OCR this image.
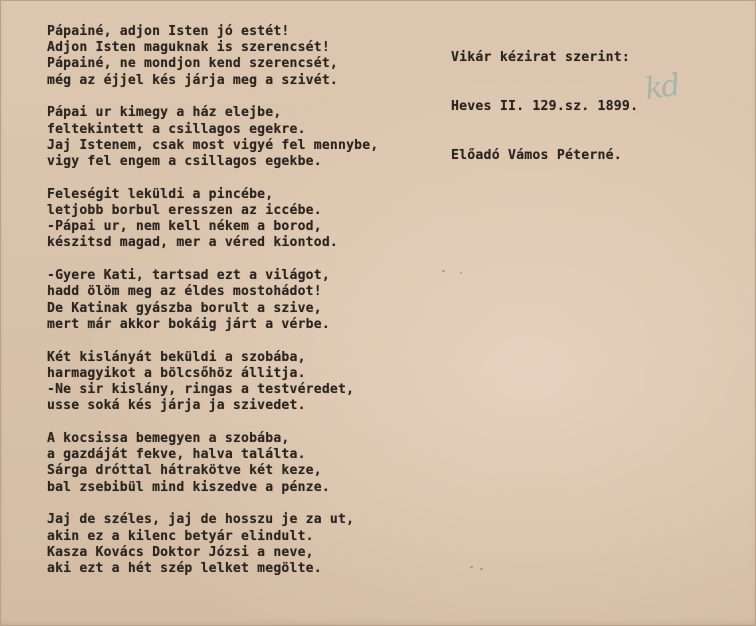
Pápainé, adjon Isten jó estét!
Adjon Isten maguknak is szerencsét!
Pápainé, ne mondjon kend szerencsét,
még az éjjel kés járja meg a szivét.
Pápai ur kimegy a ház elejbe,
feltekintett a csillagos egekre.
Jaj Istenem, csak most vigyé fel mennybe,
vigy fel engem a csillagos egekbe.
Feleségit leküldi a pincébe,
letjobb borbul eresszen az iccébe.
-Pápai ur, nem kell nékem a borod,
készitsd magad, mer a véred kiontod.
-Gyere Kati, tartsad ezt a világot,
hadd ölöm meg az éldes mostohádot!
De Katinak gyászba borult a szive,
mert már akkor bokáig járt a vérbe.
Két kislányát beküldi a szobába,
harmagyikot a bölcsőhöz állitja.
-Ne sir kislány, ringas a testvéredet,
usse soká kés járja ja szivedet.
A kocsissa bemegyen a szobába,
a gazdáját fekve, halva találta.
Sárga dróttal hátrakötve két keze,
bal zsebibül mind kiszedve a pénze.
Jaj de széles, jaj de hosszu je za ut,
akin ez a kilenc betyár elindult.
Kasza Kovács Doktor Józsi a neve,
aki ezt a hét szép lelket megölte.

Vikár kézirat szerint:

Heves II. 129.sz. 1899.

Előadó Vámos Péterné.

kd
